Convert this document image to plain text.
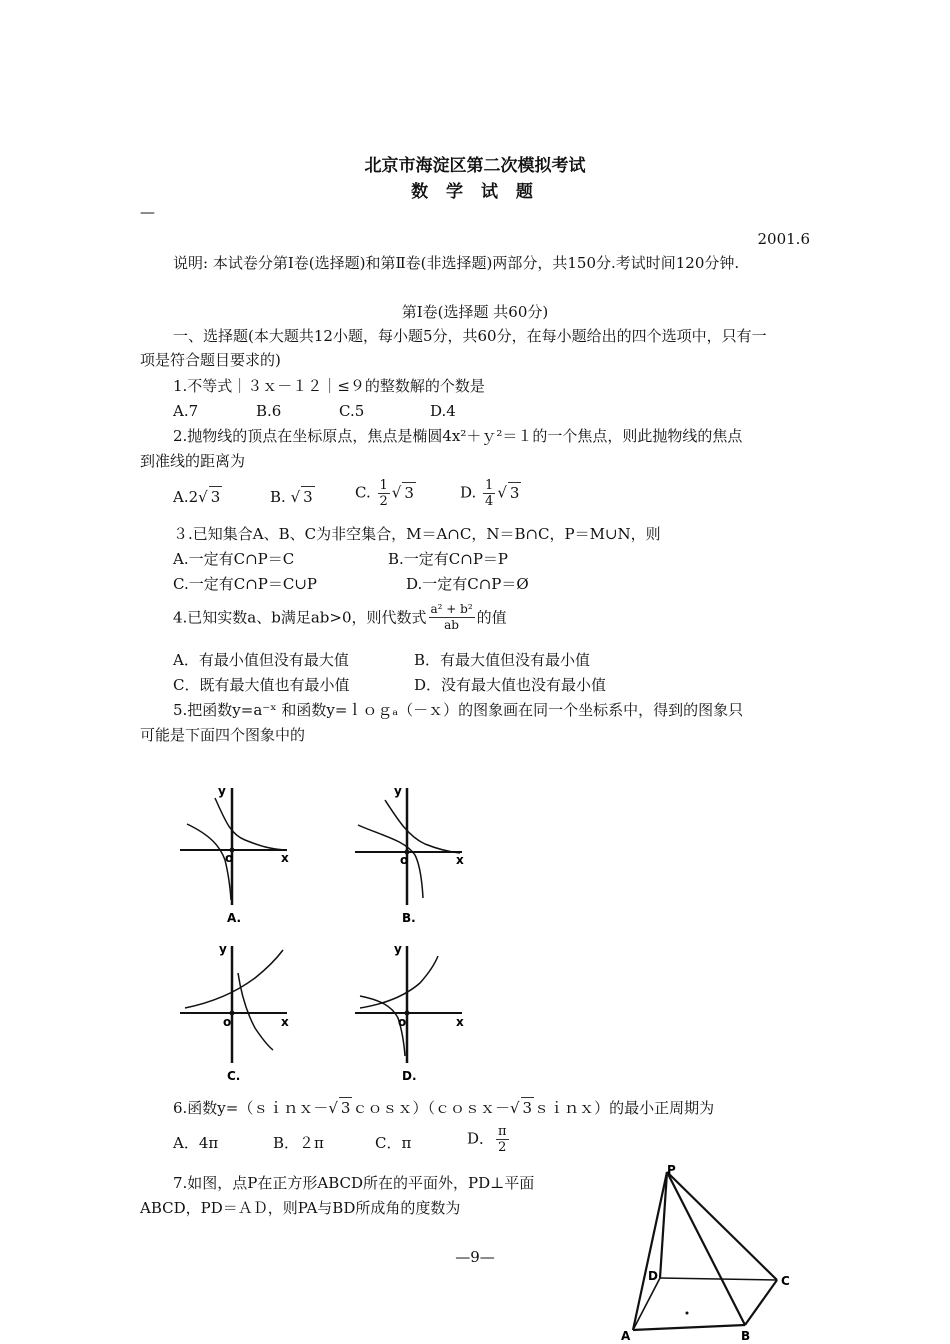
北京市海淀区第二次模拟考试
数 学 试 题
—
2001.6
说明: 本试卷分第Ⅰ卷(选择题)和第Ⅱ卷(非选择题)两部分，共150分.考试时间120分钟.
第Ⅰ卷(选择题 共60分)
一、选择题(本大题共12小题，每小题5分，共60分，在每小题给出的四个选项中，只有一
项是符合题目要求的)
1.不等式｜３ｘ－１２｜≤９的整数解的个数是
A.7	B.6	C.5	D.4
2.抛物线的顶点在坐标原点，焦点是椭圆4x²＋ｙ²＝１的一个焦点，则此抛物线的焦点
到准线的距离为
A.2√ 3	B. √ 3	C. $\frac{1}{2}$ √ 3	D. $\frac{1}{4}$ √ 3
３.已知集合A、B、C为非空集合，M＝A∩C，N＝B∩C，P＝M∪N，则
A.一定有C∩P＝C	B.一定有C∩P＝P
C.一定有C∩P＝C∪P	D.一定有C∩P＝Ø
4.已知实数a、b满足ab>0，则代数式 $\frac{\text{a² + b²}}{ab}$ 的值
A．有最小值但没有最大值	B．有最大值但没有最小值
C．既有最大值也有最小值	D．没有最大值也没有最小值
5.把函数y=a⁻ˣ 和函数y=ｌｏｇₐ（－ｘ）的图象画在同一个坐标系中，得到的图象只
可能是下面四个图象中的
y
o	x
A.
y
o	x
B.
y
o	x
C.
y
o	x
D.
6.函数y=（ｓｉｎｘ－√ 3 ｃｏｓｘ）（ｃｏｓｘ－√ 3 ｓｉｎｘ）的最小正周期为
A．4π	B．２π	C．π	D． $\frac{\pi}{2}$
7.如图，点P在正方形ABCD所在的平面外，PD⊥平面
ABCD，PD＝ＡＤ，则PA与BD所成角的度数为
P
D	C
A	B
—9—
